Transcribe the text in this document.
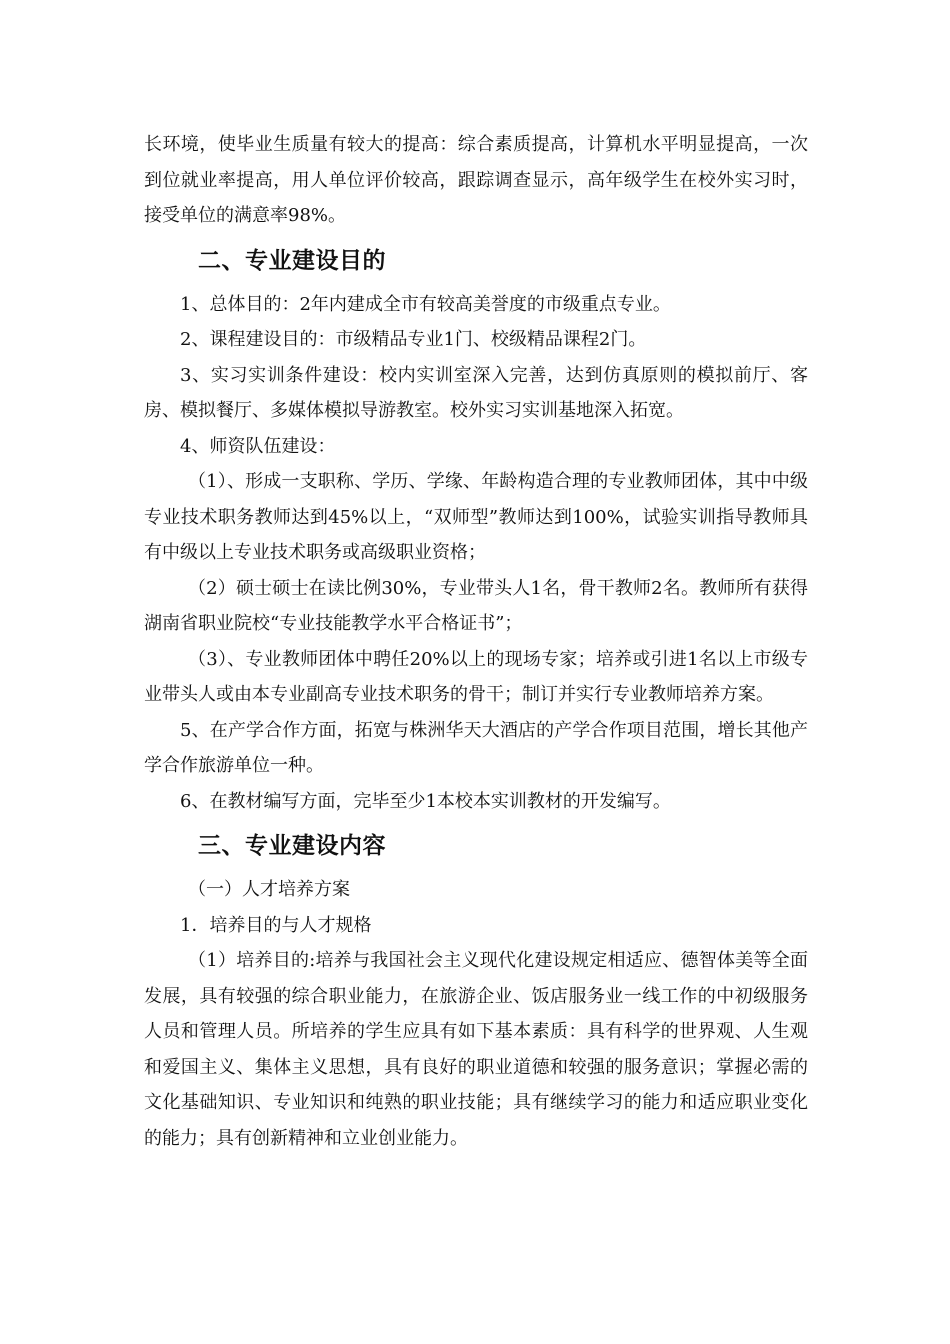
长环境，使毕业生质量有较大的提高：综合素质提高，计算机水平明显提高，一次到位就业率提高，用人单位评价较高，跟踪调查显示，高年级学生在校外实习时，接受单位的满意率98%。

二、专业建设目的

1、总体目的：2年内建成全市有较高美誉度的市级重点专业。

2、课程建设目的：市级精品专业1门、校级精品课程2门。

3、实习实训条件建设：校内实训室深入完善，达到仿真原则的模拟前厅、客房、模拟餐厅、多媒体模拟导游教室。校外实习实训基地深入拓宽。

4、师资队伍建设：

（1）、形成一支职称、学历、学缘、年龄构造合理的专业教师团体，其中中级专业技术职务教师达到45%以上，“双师型”教师达到100%，试验实训指导教师具有中级以上专业技术职务或高级职业资格；

（2）硕士硕士在读比例30%，专业带头人1名，骨干教师2名。教师所有获得湖南省职业院校“专业技能教学水平合格证书”；

（3）、专业教师团体中聘任20%以上的现场专家；培养或引进1名以上市级专业带头人或由本专业副高专业技术职务的骨干；制订并实行专业教师培养方案。

5、在产学合作方面，拓宽与株洲华天大酒店的产学合作项目范围，增长其他产学合作旅游单位一种。

6、在教材编写方面，完毕至少1本校本实训教材的开发编写。

三、专业建设内容

（一）人才培养方案

1．培养目的与人才规格

（1）培养目的:培养与我国社会主义现代化建设规定相适应、德智体美等全面发展，具有较强的综合职业能力，在旅游企业、饭店服务业一线工作的中初级服务人员和管理人员。所培养的学生应具有如下基本素质：具有科学的世界观、人生观和爱国主义、集体主义思想，具有良好的职业道德和较强的服务意识；掌握必需的文化基础知识、专业知识和纯熟的职业技能；具有继续学习的能力和适应职业变化的能力；具有创新精神和立业创业能力。
